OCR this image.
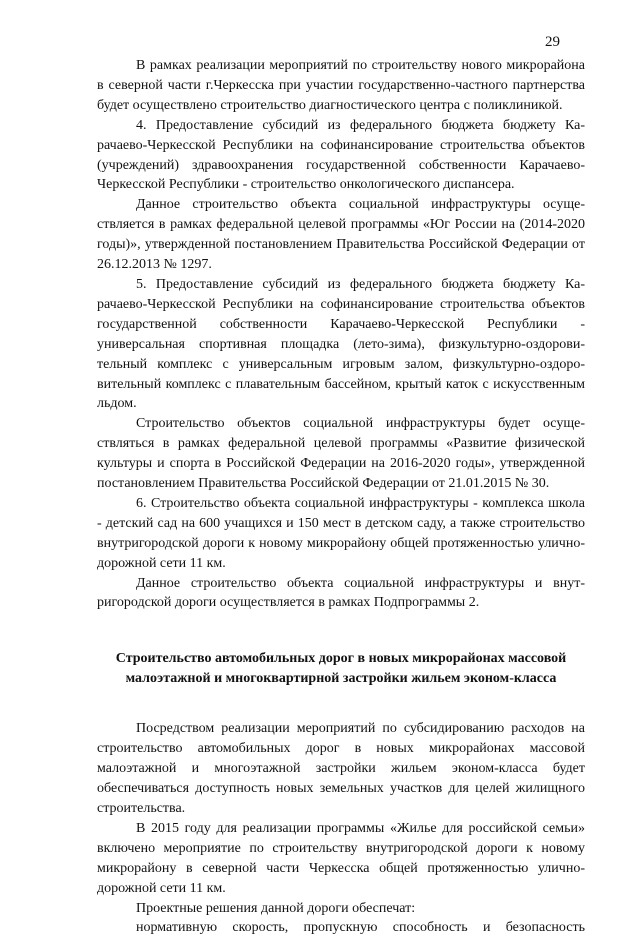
29

В рамках реализации мероприятий по строительству нового микрорайона в северной части г.Черкесска при участии государственно-частного партнерства будет осуществлено строительство диагностического центра с поликлиникой.

4. Предоставление субсидий из федерального бюджета бюджету Карачаево-Черкесской Республики на софинансирование строительства объектов (учреждений) здравоохранения государственной собственности Карачаево-Черкесской Республики - строительство онкологического диспансера.

Данное строительство объекта социальной инфраструктуры осуществляется в рамках федеральной целевой программы «Юг России на (2014-2020 годы)», утвержденной постановлением Правительства Российской Федерации от 26.12.2013 № 1297.

5. Предоставление субсидий из федерального бюджета бюджету Карачаево-Черкесской Республики на софинансирование строительства объектов государственной собственности Карачаево-Черкесской Республики - универсальная спортивная площадка (лето-зима), физкультурно-оздоровительный комплекс с универсальным игровым залом, физкультурно-оздоровительный комплекс с плавательным бассейном, крытый каток с искусственным льдом.

Строительство объектов социальной инфраструктуры будет осуществляться в рамках федеральной целевой программы «Развитие физической культуры и спорта в Российской Федерации на 2016-2020 годы», утвержденной постановлением Правительства Российской Федерации от 21.01.2015 № 30.

6. Строительство объекта социальной инфраструктуры - комплекса школа - детский сад на 600 учащихся и 150 мест в детском саду, а также строительство внутригородской дороги к новому микрорайону общей протяженностью улично-дорожной сети 11 км.

Данное строительство объекта социальной инфраструктуры и внутригородской дороги осуществляется в рамках Подпрограммы 2.

Строительство автомобильных дорог в новых микрорайонах массовой
малоэтажной и многоквартирной застройки жильем эконом-класса

Посредством реализации мероприятий по субсидированию расходов на строительство автомобильных дорог в новых микрорайонах массовой малоэтажной и многоэтажной застройки жильем эконом-класса будет обеспечиваться доступность новых земельных участков для целей жилищного строительства.

В 2015 году для реализации программы «Жилье для российской семьи» включено мероприятие по строительству внутригородской дороги к новому микрорайону в северной части Черкесска общей протяженностью улично-дорожной сети 11 км.

Проектные решения данной дороги обеспечат:

нормативную скорость, пропускную способность и безопасность
